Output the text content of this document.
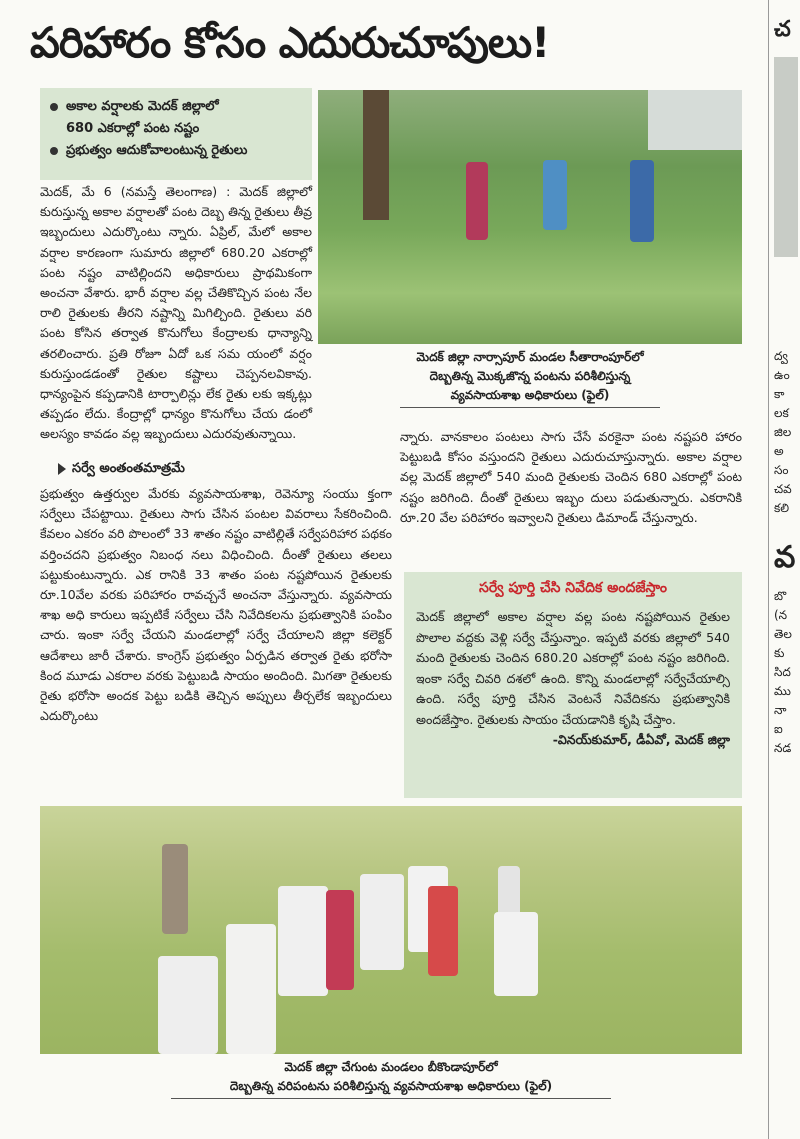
పరిహారం కోసం ఎదురుచూపులు!
అకాల వర్షాలకు మెదక్ జిల్లాలో
680 ఎకరాల్లో పంట నష్టం
ప్రభుత్వం ఆదుకోవాలంటున్న రైతులు
మెదక్, మే 6 (నమస్తే తెలంగాణ) : మెదక్ జిల్లాలో కురుస్తున్న అకాల వర్షాలతో పంట దెబ్బ తిన్న రైతులు తీవ్ర ఇబ్బందులు ఎదుర్కొంటు న్నారు. ఏప్రిల్, మేలో అకాల వర్షాల కారణంగా సుమారు జిల్లాలో 680.20 ఎకరాల్లో పంట నష్టం వాటిల్లిందని అధికారులు ప్రాథమికంగా అంచనా వేశారు. భారీ వర్షాల వల్ల చేతికొచ్చిన పంట నేల రాలి రైతులకు తీరని నష్టాన్ని మిగిల్చింది. రైతులు వరి పంట కోసిన తర్వాత కొనుగోలు కేంద్రాలకు ధాన్యాన్ని తరలించారు. ప్రతి రోజూ ఏదో ఒక సమ యంలో వర్షం కురుస్తుండడంతో రైతుల కష్టాలు చెప్పనలవికావు. ధాన్యంపైన కప్పడానికి టార్పాలిన్లు లేక రైతు లకు ఇక్కట్లు తప్పడం లేదు. కేంద్రాల్లో ధాన్యం కొనుగోలు చేయ డంలో అలస్యం కావడం వల్ల ఇబ్బందులు ఎదురవుతున్నాయి.
సర్వే అంతంతమాత్రమే
ప్రభుత్వం ఉత్తర్వుల మేరకు వ్యవసాయశాఖ, రెవెన్యూ సంయు క్తంగా సర్వేలు చేపట్టాయి. రైతులు సాగు చేసిన పంటల వివరాలు సేకరించింది. కేవలం ఎకరం వరి పొలంలో 33 శాతం నష్టం వాటిల్లితే సర్వేపరిహార పథకం వర్తించదని ప్రభుత్వం నిబంధ నలు విధించింది. దీంతో రైతులు తలలు పట్టుకుంటున్నారు. ఎక రానికి 33 శాతం పంట నష్టపోయిన రైతులకు రూ.10వేల వరకు పరిహారం రావచ్చనే అంచనా వేస్తున్నారు. వ్యవసాయ శాఖ అధి కారులు ఇప్పటికే సర్వేలు చేసి నివేదికలను ప్రభుత్వానికి పంపిం చారు. ఇంకా సర్వే చేయని మండలాల్లో సర్వే చేయాలని జిల్లా కలెక్టర్ ఆదేశాలు జారీ చేశారు. కాంగ్రెస్ ప్రభుత్వం ఏర్పడిన తర్వాత రైతు భరోసా కింద మూడు ఎకరాల వరకు పెట్టుబడి సాయం అందింది. మిగతా రైతులకు రైతు భరోసా అందక పెట్టు బడికి తెచ్చిన అప్పులు తీర్చలేక ఇబ్బందులు ఎదుర్కొంటు
మెదక్ జిల్లా నార్సాపూర్ మండల సీతారాంపూర్‌లో
దెబ్బతిన్న మొక్కజొన్న పంటను పరిశీలిస్తున్న
వ్యవసాయశాఖ అధికారులు (ఫైల్)
న్నారు. వానకాలం పంటలు సాగు చేసే వరకైనా పంట నష్టపరి హారం పెట్టుబడి కోసం వస్తుందని రైతులు ఎదురుచూస్తున్నారు. అకాల వర్షాల వల్ల మెదక్ జిల్లాలో 540 మంది రైతులకు చెందిన 680 ఎకరాల్లో పంట నష్టం జరిగింది. దీంతో రైతులు ఇబ్బం దులు పడుతున్నారు. ఎకరానికి రూ.20 వేల పరిహారం ఇవ్వాలని రైతులు డిమాండ్ చేస్తున్నారు.
సర్వే పూర్తి చేసి నివేదిక అందజేస్తాం
మెదక్ జిల్లాలో అకాల వర్షాల వల్ల పంట నష్టపోయిన రైతుల పొలాల వద్దకు వెళ్లి సర్వే చేస్తున్నాం. ఇప్పటి వరకు జిల్లాలో 540 మంది రైతులకు చెందిన 680.20 ఎకరాల్లో పంట నష్టం జరిగింది. ఇంకా సర్వే చివరి దశలో ఉంది. కొన్ని మండలాల్లో సర్వేచేయాల్సి ఉంది. సర్వే పూర్తి చేసిన వెంటనే నివేదికను ప్రభుత్వానికి అందజేస్తాం. రైతులకు సాయం చేయడానికి కృషి చేస్తాం.
-వినయ్‌కుమార్, డీఏవో, మెదక్ జిల్లా
మెదక్ జిల్లా చేగుంట మండలం బీకొండాపూర్‌లో
దెబ్బతిన్న వరిపంటను పరిశీలిస్తున్న వ్యవసాయశాఖ అధికారులు (ఫైల్)
చ
ద్వ
ఉం
కా
లక
జిల
అ
సం
చవ
కలి
వ
బొ
(న
తెల
కు
సిద
ము
నా
ఐ
నడ
